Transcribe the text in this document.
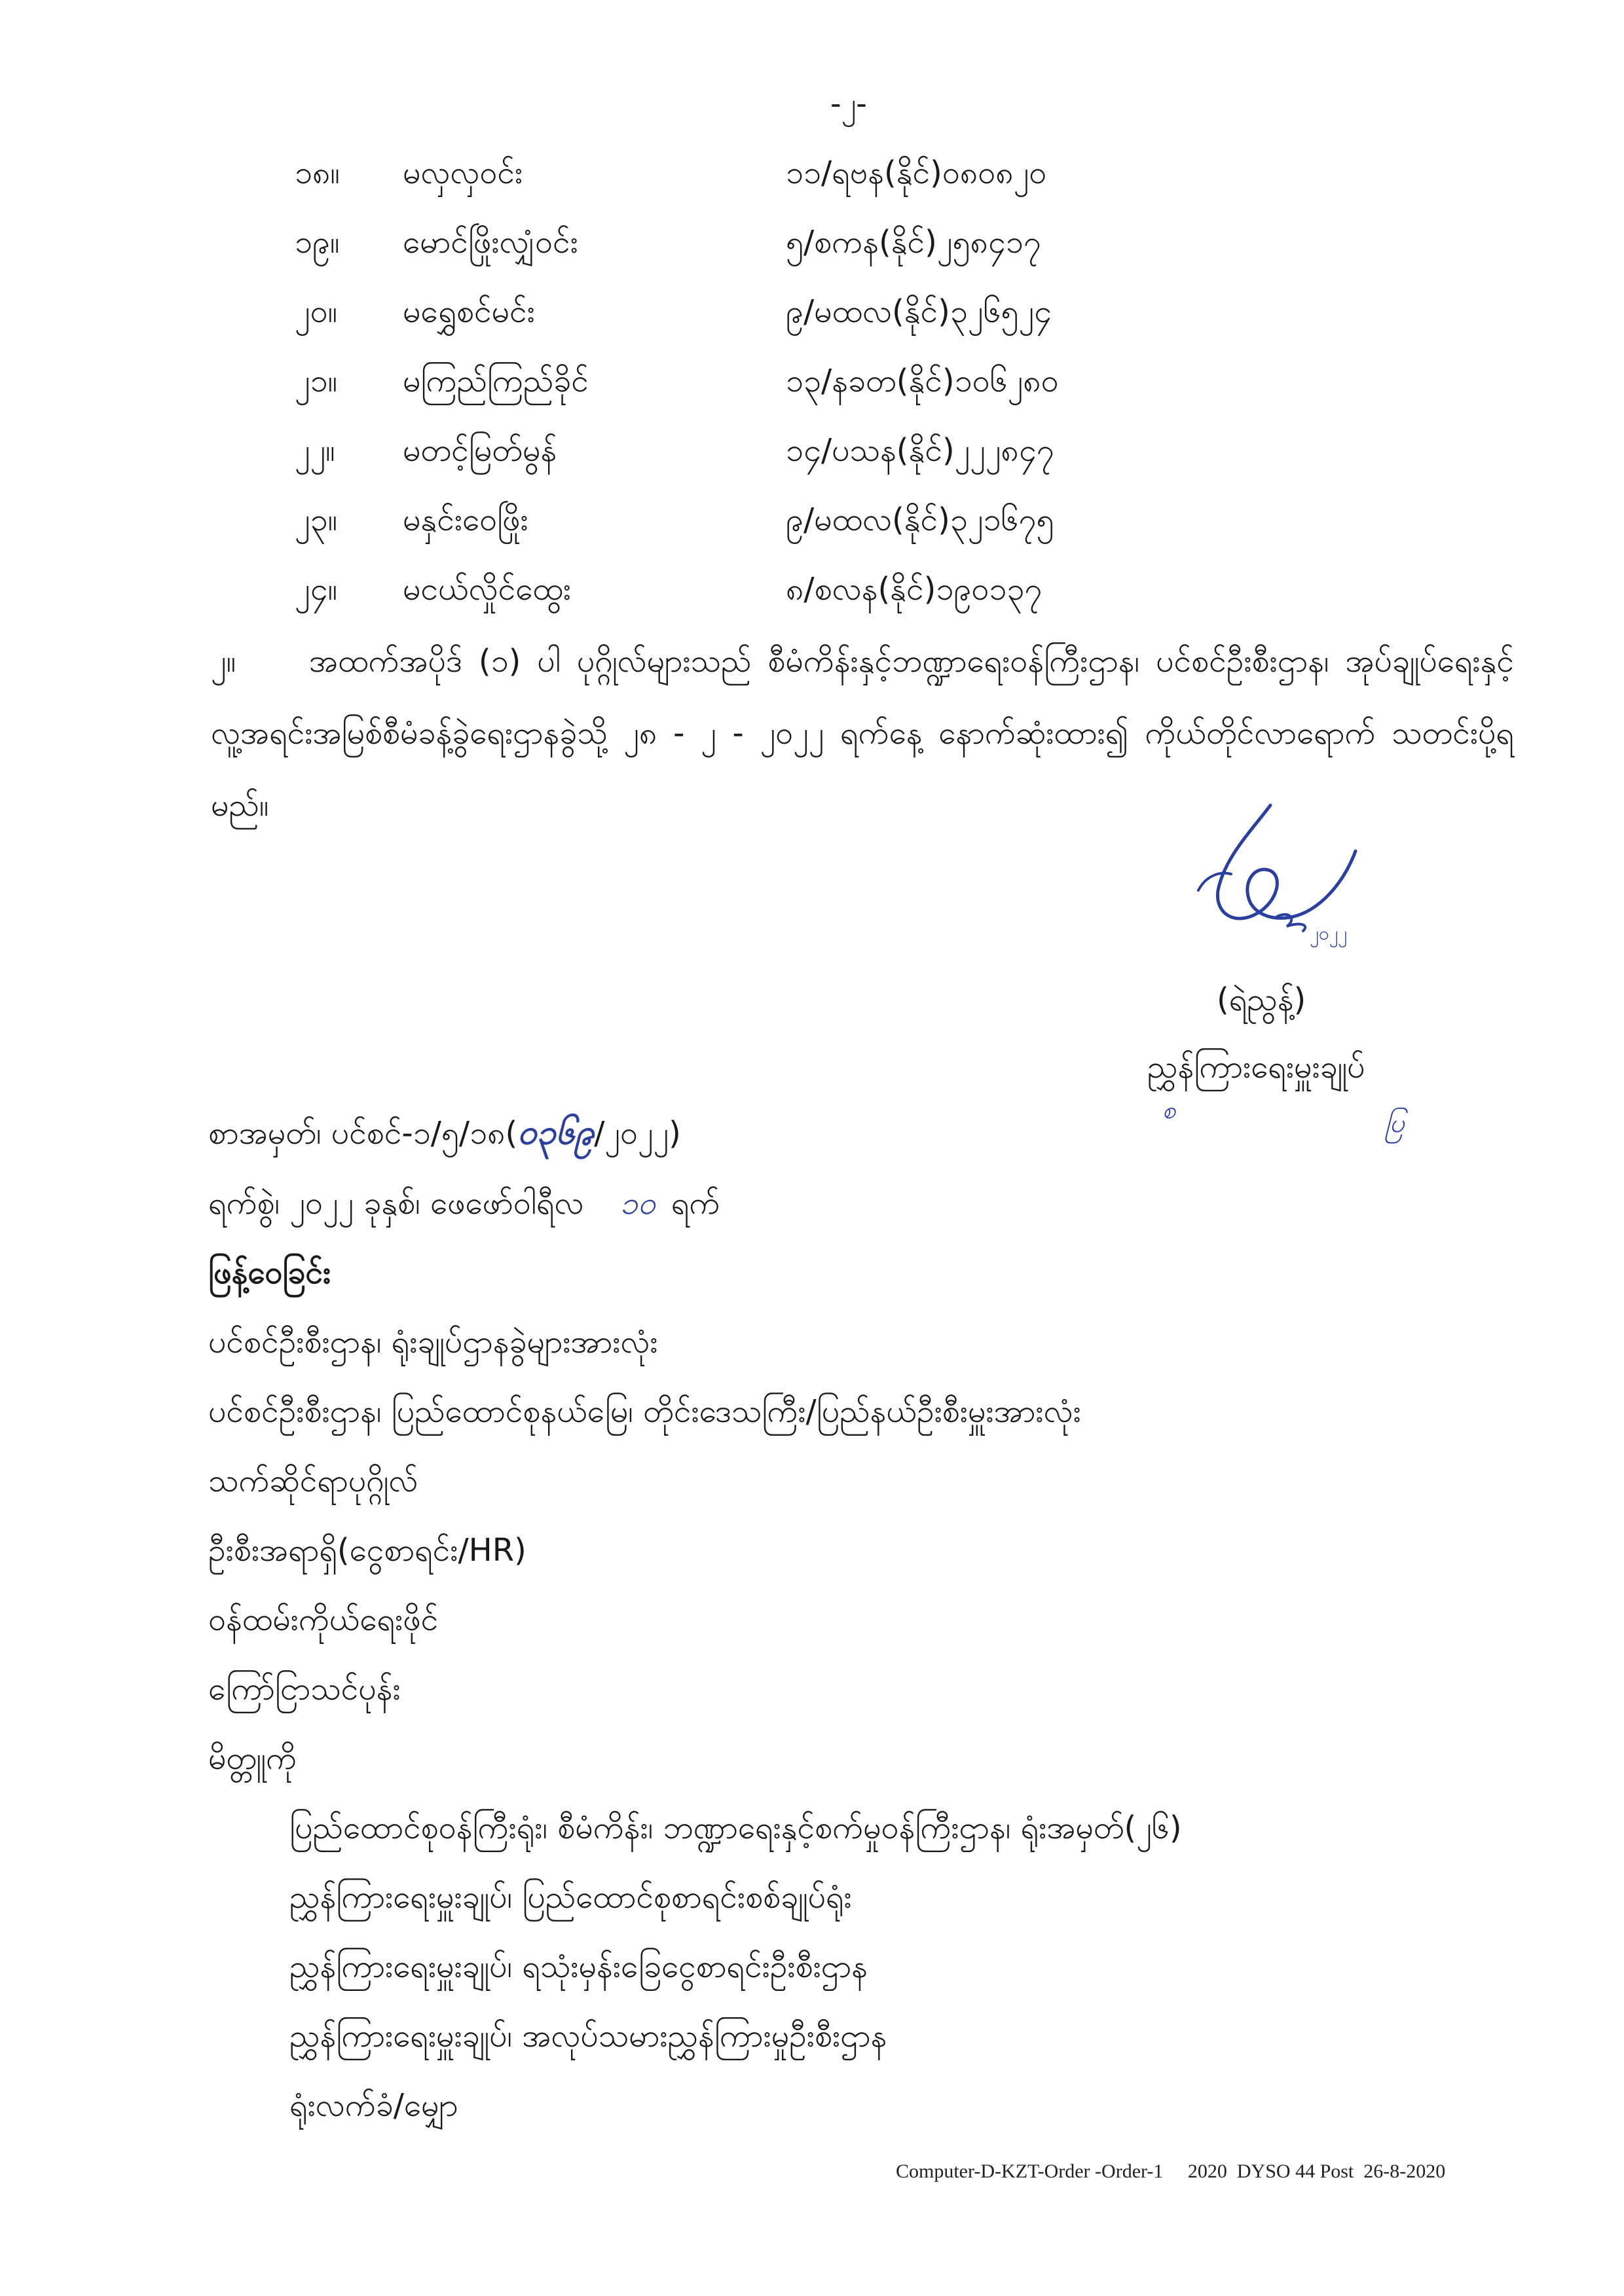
-၂-
၁၈။ မလှလှဝင်း	၁၁/ရဗန(နိုင်)၀၈၀၈၂၀
၁၉။ မောင်ဖြိုးလျှံဝင်း	၅/စကန(နိုင်)၂၅၈၄၁၇
၂၀။ မရွှေစင်မင်း	၉/မထလ(နိုင်)၃၂၆၅၂၄
၂၁။ မကြည်ကြည်ခိုင်	၁၃/နခတ(နိုင်)၁၀၆၂၈၀
၂၂။ မတင့်မြတ်မွန်	၁၄/ပသန(နိုင်)၂၂၂၈၄၇
၂၃။ မနှင်းဝေဖြိုး	၉/မထလ(နိုင်)၃၂၁၆၇၅
၂၄။ မငယ်လှိုင်ထွေး	၈/စလန(နိုင်)၁၉၀၁၃၇
၂။ အထက်အပိုဒ် (၁) ပါ ပုဂ္ဂိုလ်များသည် စီမံကိန်းနှင့်ဘဏ္ဍာရေးဝန်ကြီးဌာန၊ ပင်စင်ဦးစီးဌာန၊ အုပ်ချုပ်ရေးနှင့် လူ့အရင်းအမြစ်စီမံခန့်ခွဲရေးဌာနခွဲသို့ ၂၈ - ၂ - ၂၀၂၂ ရက်နေ့ နောက်ဆုံးထား၍ ကိုယ်တိုင်လာရောက် သတင်းပို့ရမည်။
၂၀၂၂
(ရဲညွန့်)
ညွှန်ကြားရေးမှူးချုပ်
စ	ပြ
စာအမှတ်၊ ပင်စင်-၁/၅/၁၈(၀၃၆၉/၂၀၂၂)
ရက်စွဲ၊ ၂၀၂၂ ခုနှစ်၊ ဖေဖော်ဝါရီလ ၁၀ ရက်
ဖြန့်ဝေခြင်း
ပင်စင်ဦးစီးဌာန၊ ရုံးချုပ်ဌာနခွဲများအားလုံး
ပင်စင်ဦးစီးဌာန၊ ပြည်ထောင်စုနယ်မြေ၊ တိုင်းဒေသကြီး/ပြည်နယ်ဦးစီးမှူးအားလုံး
သက်ဆိုင်ရာပုဂ္ဂိုလ်
ဦးစီးအရာရှိ(ငွေစာရင်း/HR)
ဝန်ထမ်းကိုယ်ရေးဖိုင်
ကြော်ငြာသင်ပုန်း
မိတ္တူကို
ပြည်ထောင်စုဝန်ကြီးရုံး၊ စီမံကိန်း၊ ဘဏ္ဍာရေးနှင့်စက်မှုဝန်ကြီးဌာန၊ ရုံးအမှတ်(၂၆)
ညွှန်ကြားရေးမှူးချုပ်၊ ပြည်ထောင်စုစာရင်းစစ်ချုပ်ရုံး
ညွှန်ကြားရေးမှူးချုပ်၊ ရသုံးမှန်းခြေငွေစာရင်းဦးစီးဌာန
ညွှန်ကြားရေးမှူးချုပ်၊ အလုပ်သမားညွှန်ကြားမှုဦးစီးဌာန
ရုံးလက်ခံ/မျှော
Computer-D-KZT-Order -Order-1     2020  DYSO 44 Post  26-8-2020
